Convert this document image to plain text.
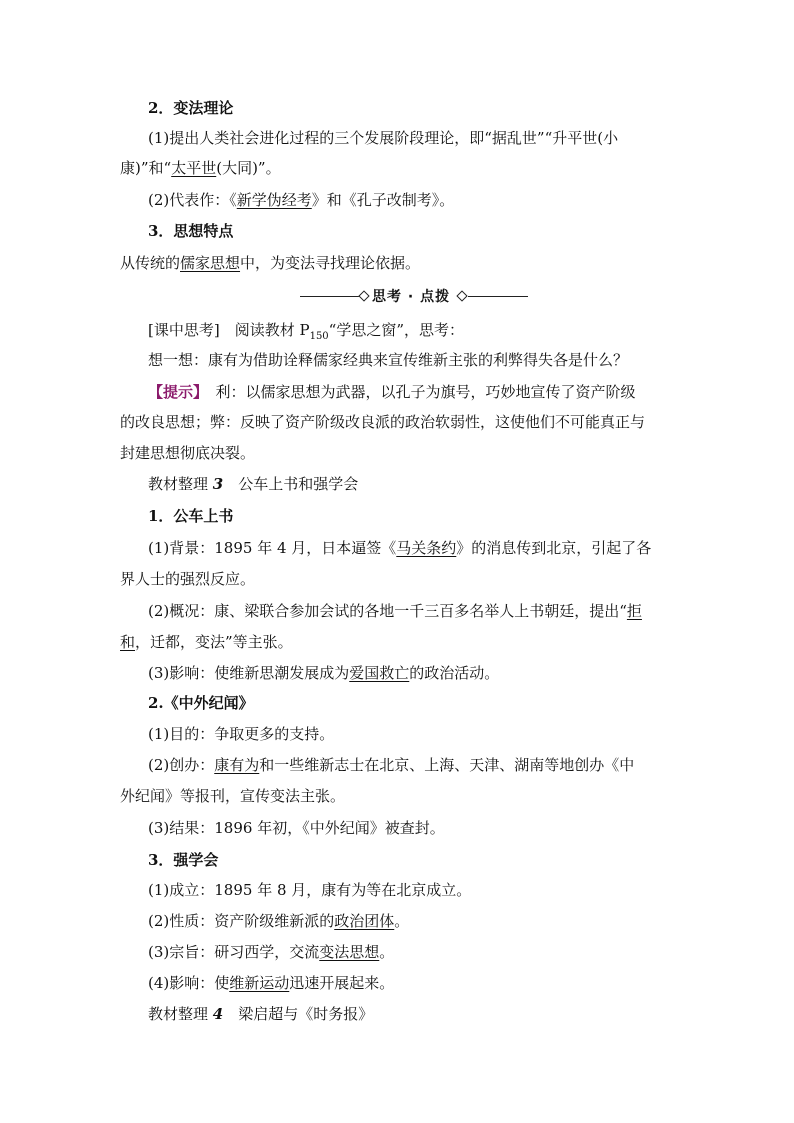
2．变法理论
(1)提出人类社会进化过程的三个发展阶段理论，即“据乱世”“升平世(小
康)”和“太平世(大同)”。
(2)代表作：《新学伪经考》和《孔子改制考》。
3．思想特点
从传统的儒家思想中，为变法寻找理论依据。
思考 · 点拨
[课中思考]　阅读教材 $P_{150}“$学思之窗”，思考：
想一想：康有为借助诠释儒家经典来宣传维新主张的利弊得失各是什么？
【提示】　利：以儒家思想为武器，以孔子为旗号，巧妙地宣传了资产阶级
的改良思想；弊：反映了资产阶级改良派的政治软弱性，这使他们不可能真正与
封建思想彻底决裂。
教材整理 3　公车上书和强学会
1．公车上书
(1)背景：1895 年 4 月，日本逼签《马关条约》的消息传到北京，引起了各
界人士的强烈反应。
(2)概况：康、梁联合参加会试的各地一千三百多名举人上书朝廷，提出“拒
和，迁都，变法”等主张。
(3)影响：使维新思潮发展成为爱国救亡的政治活动。
2.《中外纪闻》
(1)目的：争取更多的支持。
(2)创办：康有为和一些维新志士在北京、上海、天津、湖南等地创办《中
外纪闻》等报刊，宣传变法主张。
(3)结果：1896 年初，《中外纪闻》被查封。
3．强学会
(1)成立：1895 年 8 月，康有为等在北京成立。
(2)性质：资产阶级维新派的政治团体。
(3)宗旨：研习西学，交流变法思想。
(4)影响：使维新运动迅速开展起来。
教材整理 4　梁启超与《时务报》
